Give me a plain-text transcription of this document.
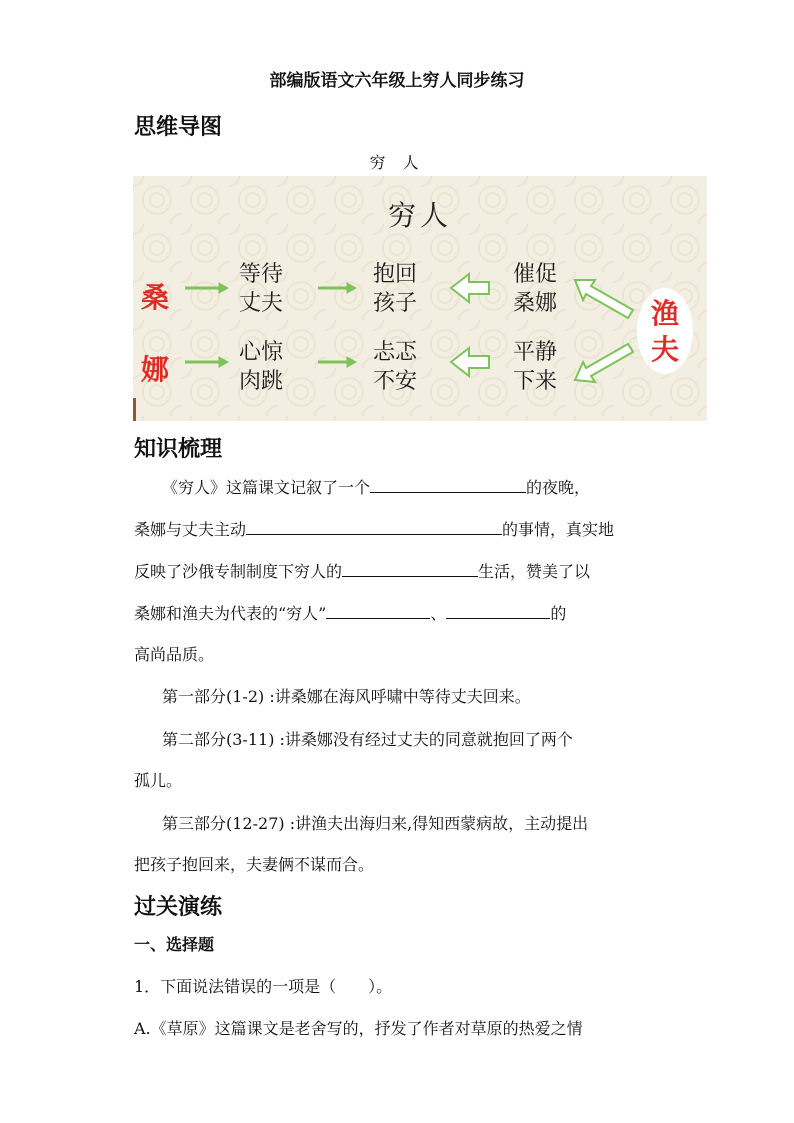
部编版语文六年级上穷人同步练习
思维导图
穷 人
穷人
桑
娜
等待
丈夫
抱回
孩子
催促
桑娜
心惊
肉跳
忐忑
不安
平静
下来
渔
夫
知识梳理
《穷人》这篇课文记叙了一个	的夜晚，
桑娜与丈夫主动	的事情，真实地
反映了沙俄专制制度下穷人的	生活，赞美了以
桑娜和渔夫为代表的“穷人”	、	的
高尚品质。
第一部分(1-2) :讲桑娜在海风呼啸中等待丈夫回来。
第二部分(3-11) :讲桑娜没有经过丈夫的同意就抱回了两个
孤儿。
第三部分(12-27) :讲渔夫出海归来,得知西蒙病故，主动提出
把孩子抱回来，夫妻俩不谋而合。
过关演练
一、选择题
1．下面说法错误的一项是（　　）。
A.《草原》这篇课文是老舍写的，抒发了作者对草原的热爱之情
